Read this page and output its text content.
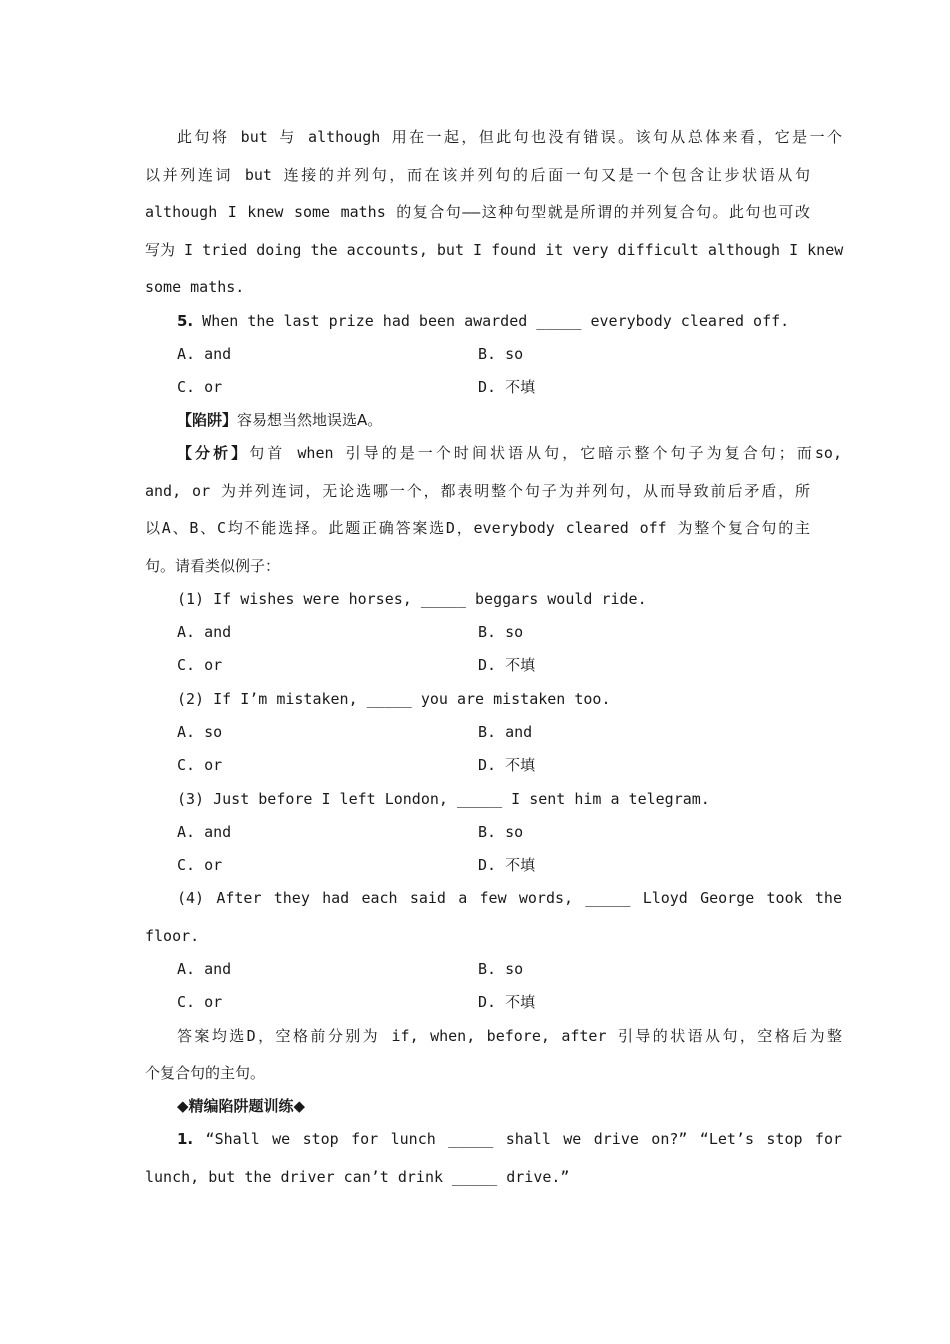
此句将 but 与 although 用在一起，但此句也没有错误。该句从总体来看，它是一个
以并列连词 but 连接的并列句，而在该并列句的后面一句又是一个包含让步状语从句
although I knew some maths 的复合句——这种句型就是所谓的并列复合句。此句也可改
写为 I tried doing the accounts, but I found it very difficult although I knew
some maths.
5. When the last prize had been awarded _____ everybody cleared off.
A. and	B. so
C. or	D. 不填
【陷阱】容易想当然地误选A。
【分析】句首 when 引导的是一个时间状语从句，它暗示整个句子为复合句；而so,
and, or 为并列连词，无论选哪一个，都表明整个句子为并列句，从而导致前后矛盾，所
以A、B、C均不能选择。此题正确答案选D，everybody cleared off 为整个复合句的主
句。请看类似例子：
(1) If wishes were horses, _____ beggars would ride.
A. and	B. so
C. or	D. 不填
(2) If I’m mistaken, _____ you are mistaken too.
A. so	B. and
C. or	D. 不填
(3) Just before I left London, _____ I sent him a telegram.
A. and	B. so
C. or	D. 不填
(4) After they had each said a few words, _____ Lloyd George took the
floor.
A. and	B. so
C. or	D. 不填
答案均选D，空格前分别为 if, when, before, after 引导的状语从句，空格后为整
个复合句的主句。
◆精编陷阱题训练◆
1. “Shall we stop for lunch _____ shall we drive on?” “Let’s stop for
lunch, but the driver can’t drink _____ drive.”
